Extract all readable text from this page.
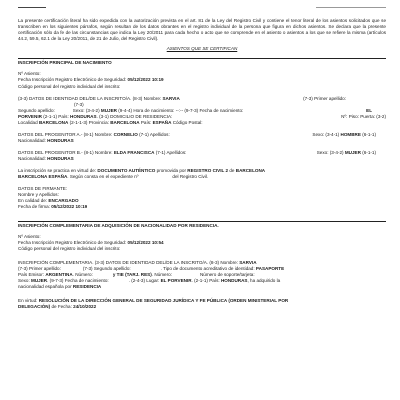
La presente certificación literal ha sido expedida con la autorización prevista en el art. 81 de la Ley del Registro Civil y contiene el tenor literal de los asientos solicitados que se transcriben en los siguientes párrafos, según resultan de los datos obrantes en el registro individual de la persona que figura en dichos asientos. Se declara que la presente certificación sólo da fe de las circunstancias que indica la Ley 20/2011 para cada hecho o acto que se comprende en el asiento o asientos a los que se refiere la misma (artículos 44.2, 59.5, 62.1 de la Ley 20/2011, de 21 de Julio, del Registro Civil).

ASIENTOS QUE SE CERTIFICAN

INSCRIPCIÓN PRINCIPAL DE NACIMIENTO

Nº Asiento:
Fecha Inscripción Registro Electrónico de Seguridad: 05/12/2022 10:19
Código personal del registro individual del inscrito:
(3-3) DATOS DE IDENTIDAD DEL/DE LA INSCRITO/A. (8-3) Nombre:
SARVIA	(7-3) Primer apellido:
(7-3)
Segundo apellido:	Sexo: (3-4-2)
MUJER
(9-4-4) Hora de nacimiento: --:-- (9-7-3) Fecha de nacimiento:	EL
PORVENIR
(2-1-1) País:
HONDURAS . (3-1) DOMICILIO DE RESIDENCIA:	Nº: Piso: Puerta: (3-2)
Localidad
BARCELONA
(2-1-1-3) Provincia:
BARCELONA
País:
ESPAÑA
Código Postal:
DATOS DEL PROGENITOR A.- (8-1) Nombre:
CORNELIO
(7-1) Apellidos:	Sexo: (3-4-1)
HOMBRE
(6-1-1)
Nacionalidad: HONDURAS
DATOS DEL PROGENITOR B.- (8-1) Nombre:
ELDA FRANCISCA
(7-1) Apellidos:	Sexo: (3-4-2)
MUJER
(6-1-1)
Nacionalidad: HONDURAS
La inscripción se practica en virtud de:
DOCUMENTO AUTÉNTICO
promovida por
REGISTRO CIVIL 2
de
BARCELONA
BARCELONA ESPAÑA . Según consta en el expediente nº	del Registro Civil.
DATOS DE FIRMANTE:
Nombre y Apellidos:
En calidad de: ENCARGADO
Fecha de firma: 05/12/2022 10:19

INSCRIPCIÓN COMPLEMENTARIA DE ADQUISICIÓN DE NACIONALIDAD POR RESIDENCIA.

Nº Asiento:
Fecha Inscripción Registro Electrónico de Seguridad: 05/12/2022 10:54
Código personal del registro individual del inscrito:
INSCRIPCIÓN COMPLEMENTARIA. (3-3) DATOS DE IDENTIDAD DEL/DE LA INSCRITO/A. (8-3) Nombre:
SARVIA
(7-3) Primer apellido:	(7-3) Segundo apellido:	. Tipo de documento acreditativo de identidad:
PASAPORTE
País Emisor:
ARGENTINA . Número:	y TIE (TARJ. RES) . Número:	Número de soporte/tarjeta:
Sexo:
MUJER . (9-7-3) Fecha de nacimiento:	. (2-4-3) Lugar:
EL PORVENIR . (2-1-1) País:
HONDURAS , ha adquirido la
nacionalidad española por
RESIDENCIA
En virtud:
RESOLUCIÓN DE LA DIRECCIÓN GENERAL DE SEGURIDAD JURÍDICA Y FE PÚBLICA (ORDEN MINISTERIAL POR
DELEGACIÓN)
de Fecha:
24/10/2022
